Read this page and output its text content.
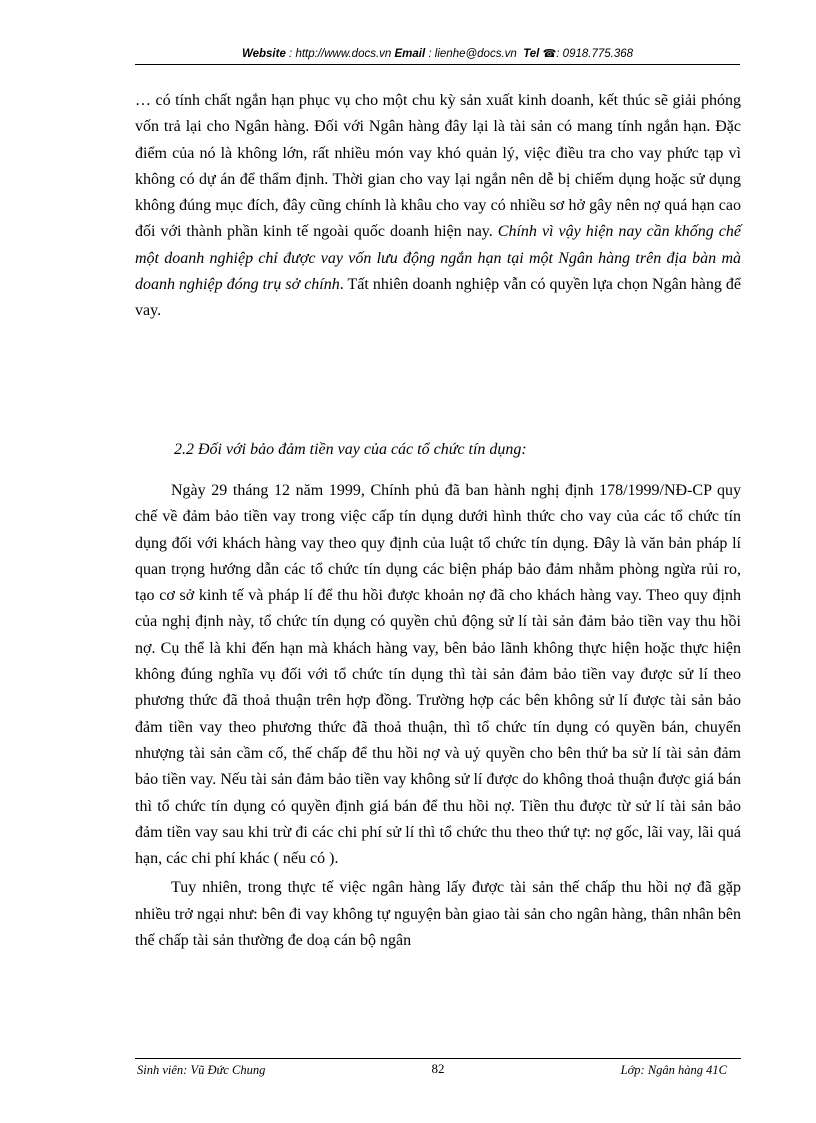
Website : http://www.docs.vn Email : lienhe@docs.vn Tel ☎: 0918.775.368

… có tính chất ngắn hạn phục vụ cho một chu kỳ sản xuất kinh doanh, kết thúc sẽ giải phóng vốn trả lại cho Ngân hàng. Đối với Ngân hàng đây lại là tài sản có mang tính ngắn hạn. Đặc điểm của nó là không lớn, rất nhiều món vay khó quản lý, việc điều tra cho vay phức tạp vì không có dự án để thẩm định. Thời gian cho vay lại ngắn nên dễ bị chiếm dụng hoặc sử dụng không đúng mục đích, đây cũng chính là khâu cho vay có nhiều sơ hở gây nên nợ quá hạn cao đối với thành phần kinh tế ngoài quốc doanh hiện nay. Chính vì vậy hiện nay cần khống chế một doanh nghiệp chỉ được vay vốn lưu động ngắn hạn tại một Ngân hàng trên địa bàn mà doanh nghiệp đóng trụ sở chính. Tất nhiên doanh nghiệp vẫn có quyền lựa chọn Ngân hàng để vay.

2.2 Đối với bảo đảm tiền vay của các tổ chức tín dụng:

Ngày 29 tháng 12 năm 1999, Chính phủ đã ban hành nghị định 178/1999/NĐ-CP quy chế về đảm bảo tiền vay trong việc cấp tín dụng dưới hình thức cho vay của các tổ chức tín dụng đối với khách hàng vay theo quy định của luật tổ chức tín dụng. Đây là văn bản pháp lí quan trọng hướng dẫn các tổ chức tín dụng các biện pháp bảo đảm nhằm phòng ngừa rủi ro, tạo cơ sở kinh tế và pháp lí để thu hồi được khoản nợ đã cho khách hàng vay. Theo quy định của nghị định này, tổ chức tín dụng có quyền chủ động sử lí tài sản đảm bảo tiền vay thu hồi nợ. Cụ thể là khi đến hạn mà khách hàng vay, bên bảo lãnh không thực hiện hoặc thực hiện không đúng nghĩa vụ đối với tổ chức tín dụng thì tài sản đảm bảo tiền vay được sử lí theo phương thức đã thoả thuận trên hợp đồng. Trường hợp các bên không sử lí được tài sản bảo đảm tiền vay theo phương thức đã thoả thuận, thì tổ chức tín dụng có quyền bán, chuyển nhượng tài sản cầm cố, thế chấp để thu hồi nợ và uỷ quyền cho bên thứ ba sử lí tài sản đảm bảo tiền vay. Nếu tài sản đảm bảo tiền vay không sử lí được do không thoả thuận được giá bán thì tổ chức tín dụng có quyền định giá bán để thu hồi nợ. Tiền thu được từ sử lí tài sản bảo đảm tiền vay sau khi trừ đi các chi phí sử lí thì tổ chức thu theo thứ tự: nợ gốc, lãi vay, lãi quá hạn, các chi phí khác ( nếu có ).

Tuy nhiên, trong thực tế việc ngân hàng lấy được tài sản thế chấp thu hồi nợ đã gặp nhiều trở ngại như: bên đi vay không tự nguyện bàn giao tài sản cho ngân hàng, thân nhân bên thế chấp tài sản thường đe doạ cán bộ ngân

Sinh viên: Vũ Đức Chung	82	Lớp: Ngân hàng 41C
